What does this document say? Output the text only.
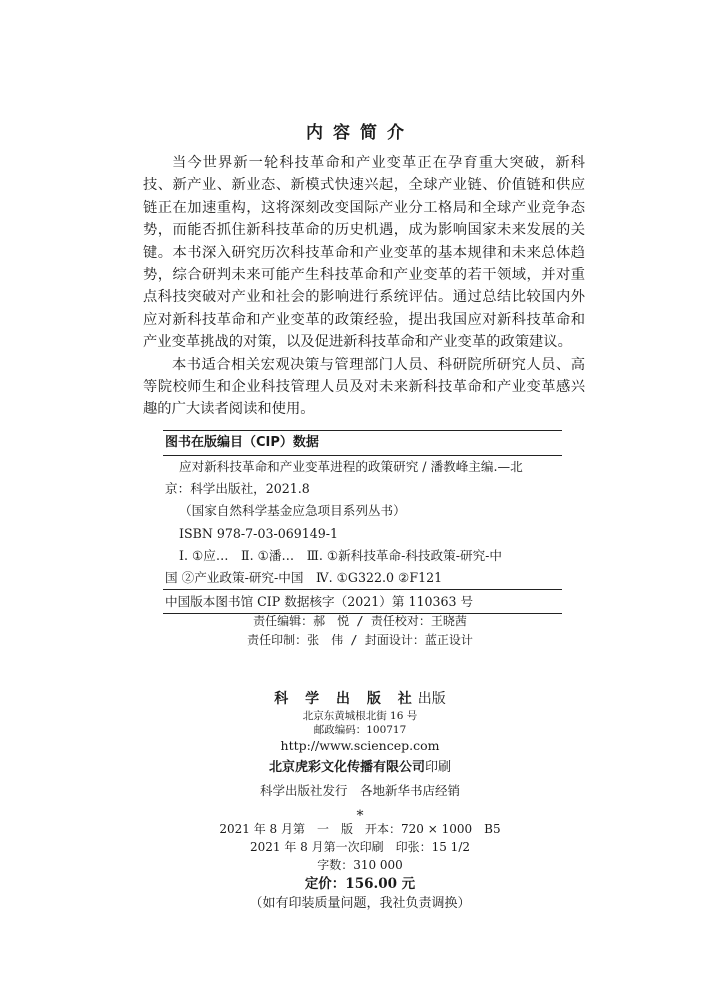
内容简介

当今世界新一轮科技革命和产业变革正在孕育重大突破，新科技、新产业、新业态、新模式快速兴起，全球产业链、价值链和供应链正在加速重构，这将深刻改变国际产业分工格局和全球产业竞争态势，而能否抓住新科技革命的历史机遇，成为影响国家未来发展的关键。本书深入研究历次科技革命和产业变革的基本规律和未来总体趋势，综合研判未来可能产生科技革命和产业变革的若干领域，并对重点科技突破对产业和社会的影响进行系统评估。通过总结比较国内外应对新科技革命和产业变革的政策经验，提出我国应对新科技革命和产业变革挑战的对策，以及促进新科技革命和产业变革的政策建议。

本书适合相关宏观决策与管理部门人员、科研院所研究人员、高等院校师生和企业科技管理人员及对未来新科技革命和产业变革感兴趣的广大读者阅读和使用。

图书在版编目（CIP）数据
应对新科技革命和产业变革进程的政策研究 / 潘教峰主编.—北
京：科学出版社，2021.8
（国家自然科学基金应急项目系列丛书）
ISBN 978-7-03-069149-1
Ⅰ. ①应…　Ⅱ. ①潘…　Ⅲ. ①新科技革命-科技政策-研究-中
国 ②产业政策-研究-中国　Ⅳ. ①G322.0 ②F121
中国版本图书馆 CIP 数据核字（2021）第 110363 号
责任编辑：郝　悦 / 责任校对：王晓茜
责任印制：张　伟 / 封面设计：蓝正设计
科 学 出 版 社出版
北京东黄城根北街 16 号
邮政编码：100717
http://www.sciencep.com
北京虎彩文化传播有限公司印刷
科学出版社发行　各地新华书店经销
*
2021 年 8 月第　一　版　开本：720 × 1000　B5
2021 年 8 月第一次印刷　印张：15 1/2
字数：310 000
定价：156.00 元
（如有印装质量问题，我社负责调换）
